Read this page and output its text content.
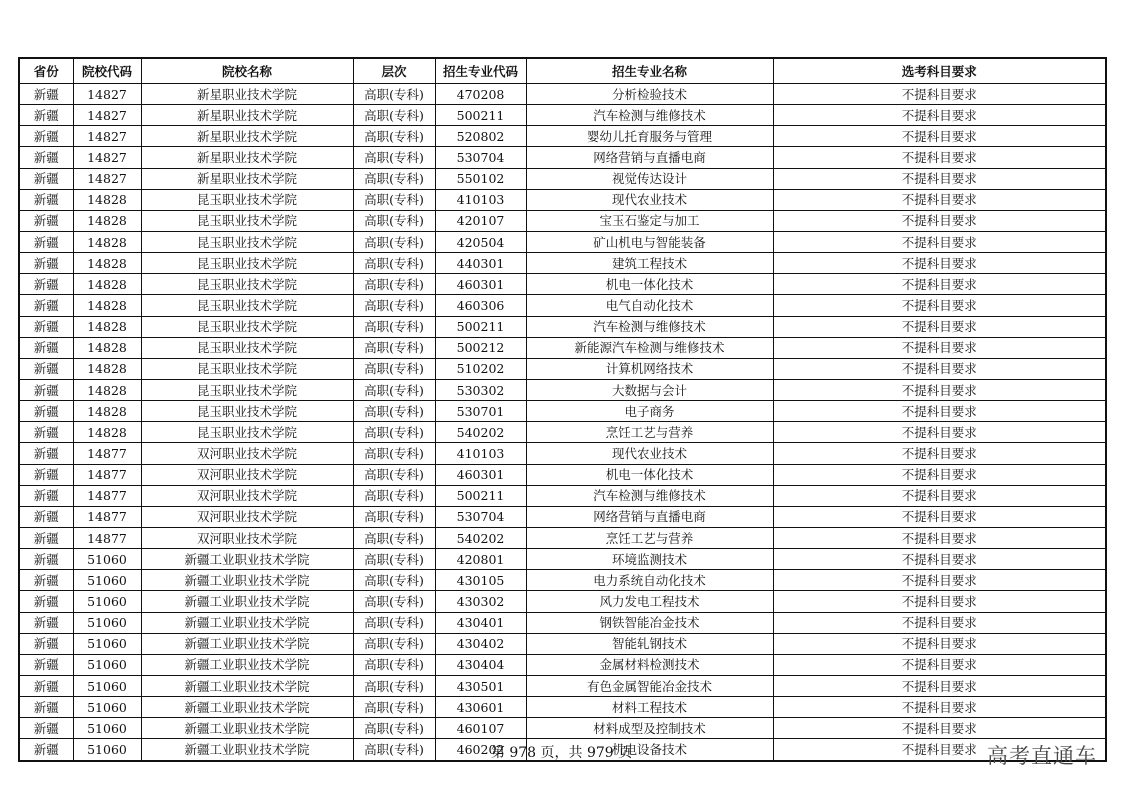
省份	院校代码	院校名称	层次	招生专业代码	招生专业名称	选考科目要求
新疆	14827	新星职业技术学院	高职(专科)	470208	分析检验技术	不提科目要求
新疆	14827	新星职业技术学院	高职(专科)	500211	汽车检测与维修技术	不提科目要求
新疆	14827	新星职业技术学院	高职(专科)	520802	婴幼儿托育服务与管理	不提科目要求
新疆	14827	新星职业技术学院	高职(专科)	530704	网络营销与直播电商	不提科目要求
新疆	14827	新星职业技术学院	高职(专科)	550102	视觉传达设计	不提科目要求
新疆	14828	昆玉职业技术学院	高职(专科)	410103	现代农业技术	不提科目要求
新疆	14828	昆玉职业技术学院	高职(专科)	420107	宝玉石鉴定与加工	不提科目要求
新疆	14828	昆玉职业技术学院	高职(专科)	420504	矿山机电与智能装备	不提科目要求
新疆	14828	昆玉职业技术学院	高职(专科)	440301	建筑工程技术	不提科目要求
新疆	14828	昆玉职业技术学院	高职(专科)	460301	机电一体化技术	不提科目要求
新疆	14828	昆玉职业技术学院	高职(专科)	460306	电气自动化技术	不提科目要求
新疆	14828	昆玉职业技术学院	高职(专科)	500211	汽车检测与维修技术	不提科目要求
新疆	14828	昆玉职业技术学院	高职(专科)	500212	新能源汽车检测与维修技术	不提科目要求
新疆	14828	昆玉职业技术学院	高职(专科)	510202	计算机网络技术	不提科目要求
新疆	14828	昆玉职业技术学院	高职(专科)	530302	大数据与会计	不提科目要求
新疆	14828	昆玉职业技术学院	高职(专科)	530701	电子商务	不提科目要求
新疆	14828	昆玉职业技术学院	高职(专科)	540202	烹饪工艺与营养	不提科目要求
新疆	14877	双河职业技术学院	高职(专科)	410103	现代农业技术	不提科目要求
新疆	14877	双河职业技术学院	高职(专科)	460301	机电一体化技术	不提科目要求
新疆	14877	双河职业技术学院	高职(专科)	500211	汽车检测与维修技术	不提科目要求
新疆	14877	双河职业技术学院	高职(专科)	530704	网络营销与直播电商	不提科目要求
新疆	14877	双河职业技术学院	高职(专科)	540202	烹饪工艺与营养	不提科目要求
新疆	51060	新疆工业职业技术学院	高职(专科)	420801	环境监测技术	不提科目要求
新疆	51060	新疆工业职业技术学院	高职(专科)	430105	电力系统自动化技术	不提科目要求
新疆	51060	新疆工业职业技术学院	高职(专科)	430302	风力发电工程技术	不提科目要求
新疆	51060	新疆工业职业技术学院	高职(专科)	430401	钢铁智能冶金技术	不提科目要求
新疆	51060	新疆工业职业技术学院	高职(专科)	430402	智能轧钢技术	不提科目要求
新疆	51060	新疆工业职业技术学院	高职(专科)	430404	金属材料检测技术	不提科目要求
新疆	51060	新疆工业职业技术学院	高职(专科)	430501	有色金属智能冶金技术	不提科目要求
新疆	51060	新疆工业职业技术学院	高职(专科)	430601	材料工程技术	不提科目要求
新疆	51060	新疆工业职业技术学院	高职(专科)	460107	材料成型及控制技术	不提科目要求
新疆	51060	新疆工业职业技术学院	高职(专科)	460202	机电设备技术	不提科目要求
第 978 页，共 979 页	高考直通车
